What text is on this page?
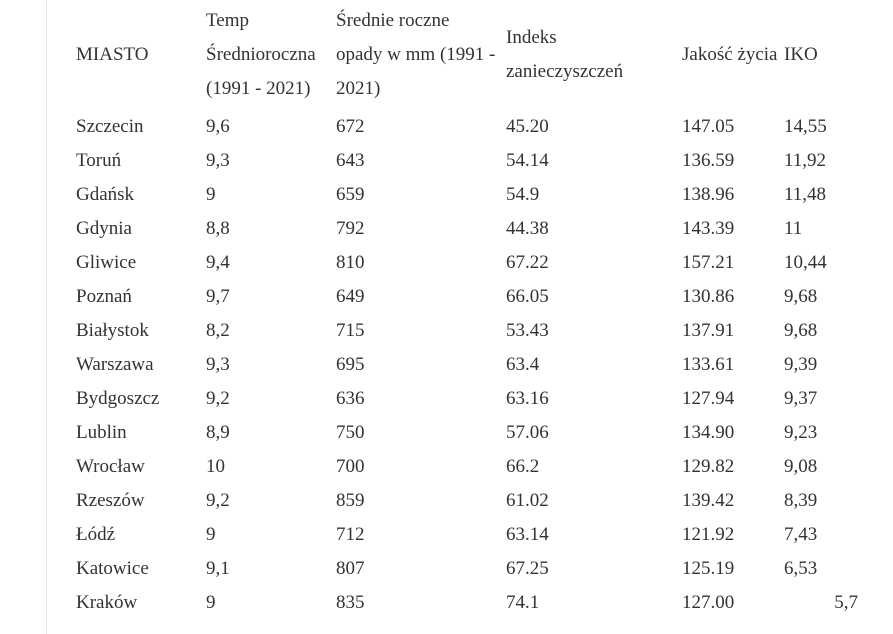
MIASTO	Temp Średnioroczna (1991 - 2021)	Średnie roczne opady w mm (1991 - 2021)	Indeks zanieczyszczeń	Jakość życia	IKO
Szczecin	9,6	672	45.20	147.05	14,55
Toruń	9,3	643	54.14	136.59	11,92
Gdańsk	9	659	54.9	138.96	11,48
Gdynia	8,8	792	44.38	143.39	11
Gliwice	9,4	810	67.22	157.21	10,44
Poznań	9,7	649	66.05	130.86	9,68
Białystok	8,2	715	53.43	137.91	9,68
Warszawa	9,3	695	63.4	133.61	9,39
Bydgoszcz	9,2	636	63.16	127.94	9,37
Lublin	8,9	750	57.06	134.90	9,23
Wrocław	10	700	66.2	129.82	9,08
Rzeszów	9,2	859	61.02	139.42	8,39
Łódź	9	712	63.14	121.92	7,43
Katowice	9,1	807	67.25	125.19	6,53
Kraków	9	835	74.1	127.00	5,7
